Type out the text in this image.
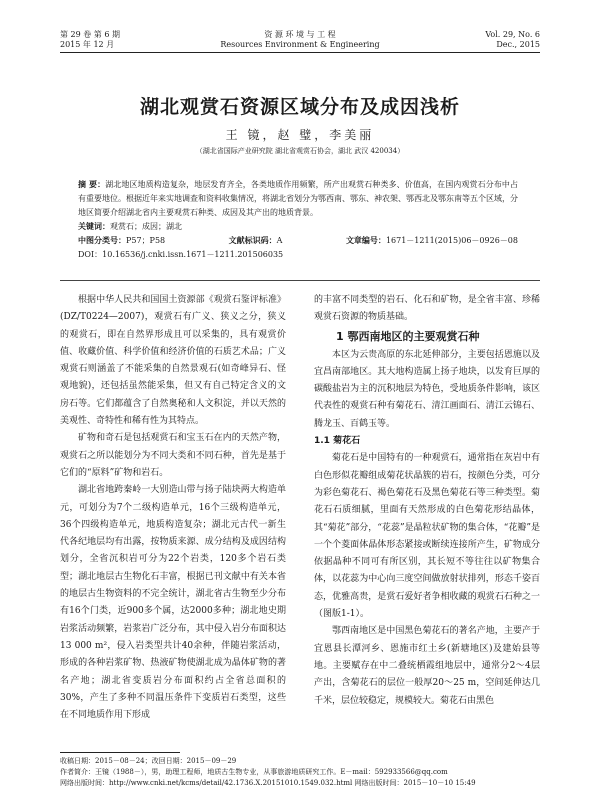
第 29 卷 第 6 期	资 源 环 境 与 工 程	Vol. 29, No. 6
2015 年 12 月	Resources Environment & Engineering	Dec., 2015
湖北观赏石资源区域分布及成因浅析
王 镜，赵 璧，李美丽
（湖北省国际产业研究院 湖北省观赏石协会，湖北 武汉 420034）

摘 要：湖北地区地质构造复杂，地层发育齐全，各类地质作用频繁，所产出观赏石种类多、价值高，在国内观赏石分布中占有重要地位。根据近年来实地调查和资料收集情况，将湖北省划分为鄂西南、鄂东、神农架、鄂西北及鄂东南等五个区域，分地区简要介绍湖北省内主要观赏石种类、成因及其产出的地质背景。

关键词：观赏石；成因；湖北

中图分类号：P57；P58	文献标识码：A	文章编号：1671－1211(2015)06－0926－08

DOI：10.16536/j.cnki.issn.1671－1211.201506035

根据中华人民共和国国土资源部《观赏石鉴评标准》(DZ/T0224—2007)，观赏石有广义、狭义之分，狭义的观赏石，即在自然界形成且可以采集的，具有观赏价值、收藏价值、科学价值和经济价值的石质艺术品；广义观赏石则涵盖了不能采集的自然景观石(如奇峰异石、怪观地貌)，还包括虽然能采集，但又有自己特定含义的文房石等。它们都蕴含了自然奥秘和人文积淀，并以天然的美观性、奇特性和稀有性为其特点。

矿物和奇石是包括观赏石和宝玉石在内的天然产物，观赏石之所以能划分为不同大类和不同石种，首先是基于它们的“原料”矿物和岩石。

湖北省地跨秦岭一大别造山带与扬子陆块两大构造单元，可划分为7个二级构造单元，16个三级构造单元，36个四级构造单元，地质构造复杂；湖北元古代一新生代各纪地层均有出露，按物质来源、成分结构及成因结构划分，全省沉积岩可分为22个岩类，120多个岩石类型；湖北地层古生物化石丰富，根据已刊文献中有关本省的地层古生物资料的不完全统计，湖北省古生物至少分布有16个门类，近900多个属，达2000多种；湖北地史期岩浆活动频繁，岩浆岩广泛分布，其中侵入岩分布面积达13 000 m²，侵入岩类型共计40余种，伴随岩浆活动，形成的各种岩浆矿物、热液矿物使湖北成为晶体矿物的著名产地；湖北省变质岩分布面积约占全省总面积的30%，产生了多种不同温压条件下变质岩石类型，这些在不同地质作用下形成

的丰富不同类型的岩石、化石和矿物，是全省丰富、珍稀观赏石资源的物质基础。

1 鄂西南地区的主要观赏石种

本区为云贵高原的东北延伸部分，主要包括恩施以及宜昌南部地区。其大地构造属上扬子地块，以发育巨厚的碳酸盐岩为主的沉积地层为特色，受地质条件影响，该区代表性的观赏石种有菊花石、清江画面石、清江云锦石、腾龙玉、百鹤玉等。

1.1 菊花石

菊花石是中国特有的一种观赏石，通常指在灰岩中有白色形似花瓣组成菊花状晶簇的岩石，按颜色分类，可分为彩色菊花石、褐色菊花石及黑色菊花石等三种类型。菊花石石质细腻，里面有天然形成的白色菊花形结晶体，其“菊花”部分，“花蕊”是晶粒状矿物的集合体，“花瓣”是一个个菱面体晶体形态紧接或断续连接所产生，矿物成分依据晶种不同可有所区别，其长短不等往往以矿物集合体，以花蕊为中心向三度空间做放射状排列，形态千姿百态，优雅高贵，是赏石爱好者争相收藏的观赏石石种之一（图版1-1）。

鄂西南地区是中国黑色菊花石的著名产地，主要产于宜恩县长潭河乡、恩施市红土乡(新塘地区)及建始县等地。主要赋存在中二叠统栖霞组地层中，通常分2～4层产出，含菊花石的层位一般厚20～25 m，空间延伸达几千米，层位较稳定，规模较大。菊花石由黑色

收稿日期：2015－08－24；改回日期：2015－09－29

作者简介：王镜（1988－），男，助理工程师，地质古生物专业，从事旅游地质研究工作。E－mail：592933566@qq.com

网络出版时间：http://www.cnki.net/kcms/detail/42.1736.X.20151010.1549.032.html 网络出版时间：2015－10－10 15:49
